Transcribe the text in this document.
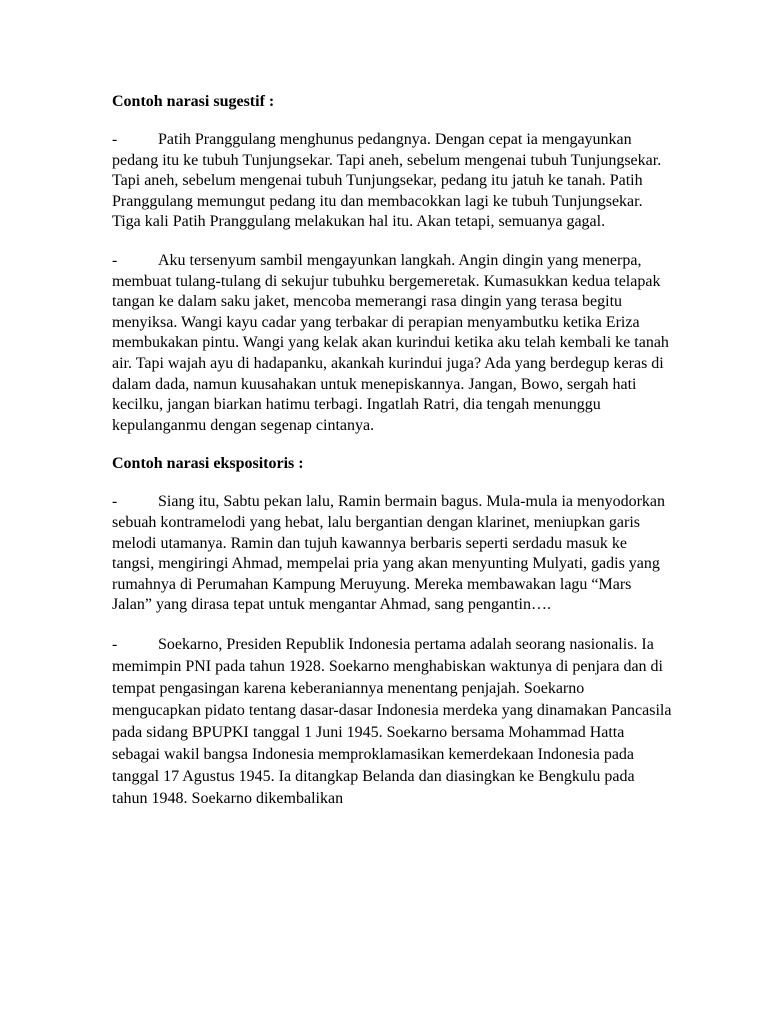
Contoh narasi sugestif :
-	Patih Pranggulang menghunus pedangnya. Dengan cepat ia mengayunkan pedang itu ke tubuh Tunjungsekar. Tapi aneh, sebelum mengenai tubuh Tunjungsekar. Tapi aneh, sebelum mengenai tubuh Tunjungsekar, pedang itu jatuh ke tanah. Patih Pranggulang memungut pedang itu dan membacokkan lagi ke tubuh Tunjungsekar. Tiga kali Patih Pranggulang melakukan hal itu. Akan tetapi, semuanya gagal.
-	Aku tersenyum sambil mengayunkan langkah. Angin dingin yang menerpa, membuat tulang-tulang di sekujur tubuhku bergemeretak. Kumasukkan kedua telapak tangan ke dalam saku jaket, mencoba memerangi rasa dingin yang terasa begitu menyiksa. Wangi kayu cadar yang terbakar di perapian menyambutku ketika Eriza membukakan pintu. Wangi yang kelak akan kurindui ketika aku telah kembali ke tanah air. Tapi wajah ayu di hadapanku, akankah kurindui juga? Ada yang berdegup keras di dalam dada, namun kuusahakan untuk menepiskannya. Jangan, Bowo, sergah hati kecilku, jangan biarkan hatimu terbagi. Ingatlah Ratri, dia tengah menunggu kepulanganmu dengan segenap cintanya.
Contoh narasi ekspositoris :
-	Siang itu, Sabtu pekan lalu, Ramin bermain bagus. Mula-mula ia menyodorkan sebuah kontramelodi yang hebat, lalu bergantian dengan klarinet, meniupkan garis melodi utamanya. Ramin dan tujuh kawannya berbaris seperti serdadu masuk ke tangsi, mengiringi Ahmad, mempelai pria yang akan menyunting Mulyati, gadis yang rumahnya di Perumahan Kampung Meruyung. Mereka membawakan lagu “Mars Jalan” yang dirasa tepat untuk mengantar Ahmad, sang pengantin….
-	Soekarno, Presiden Republik Indonesia pertama adalah seorang nasionalis. Ia memimpin PNI pada tahun 1928. Soekarno menghabiskan waktunya di penjara dan di tempat pengasingan karena keberaniannya menentang penjajah. Soekarno mengucapkan pidato tentang dasar-dasar Indonesia merdeka yang dinamakan Pancasila pada sidang BPUPKI tanggal 1 Juni 1945. Soekarno bersama Mohammad Hatta sebagai wakil bangsa Indonesia memproklamasikan kemerdekaan Indonesia pada tanggal 17 Agustus 1945. Ia ditangkap Belanda dan diasingkan ke Bengkulu pada tahun 1948. Soekarno dikembalikan
